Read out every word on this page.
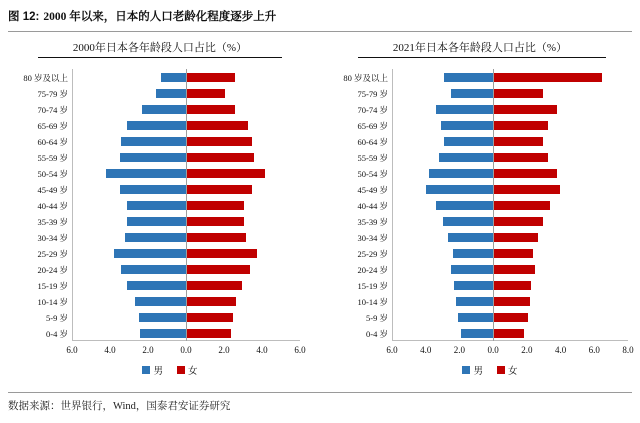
图 12: 2000 年以来，日本的人口老龄化程度逐步上升
2000年日本各年龄段人口占比（%）
80 岁及以上
75-79 岁
70-74 岁
65-69 岁
60-64 岁
55-59 岁
50-54 岁
45-49 岁
40-44 岁
35-39 岁
30-34 岁
25-29 岁
20-24 岁
15-19 岁
10-14 岁
5-9 岁
0-4 岁
6.0	4.0	2.0	0.0	2.0	4.0	6.0
男	女
2021年日本各年龄段人口占比（%）
80 岁及以上
75-79 岁
70-74 岁
65-69 岁
60-64 岁
55-59 岁
50-54 岁
45-49 岁
40-44 岁
35-39 岁
30-34 岁
25-29 岁
20-24 岁
15-19 岁
10-14 岁
5-9 岁
0-4 岁
6.0	4.0	2.0	0.0	2.0	4.0	6.0	8.0
男	女
数据来源：世界银行，Wind，国泰君安证券研究
